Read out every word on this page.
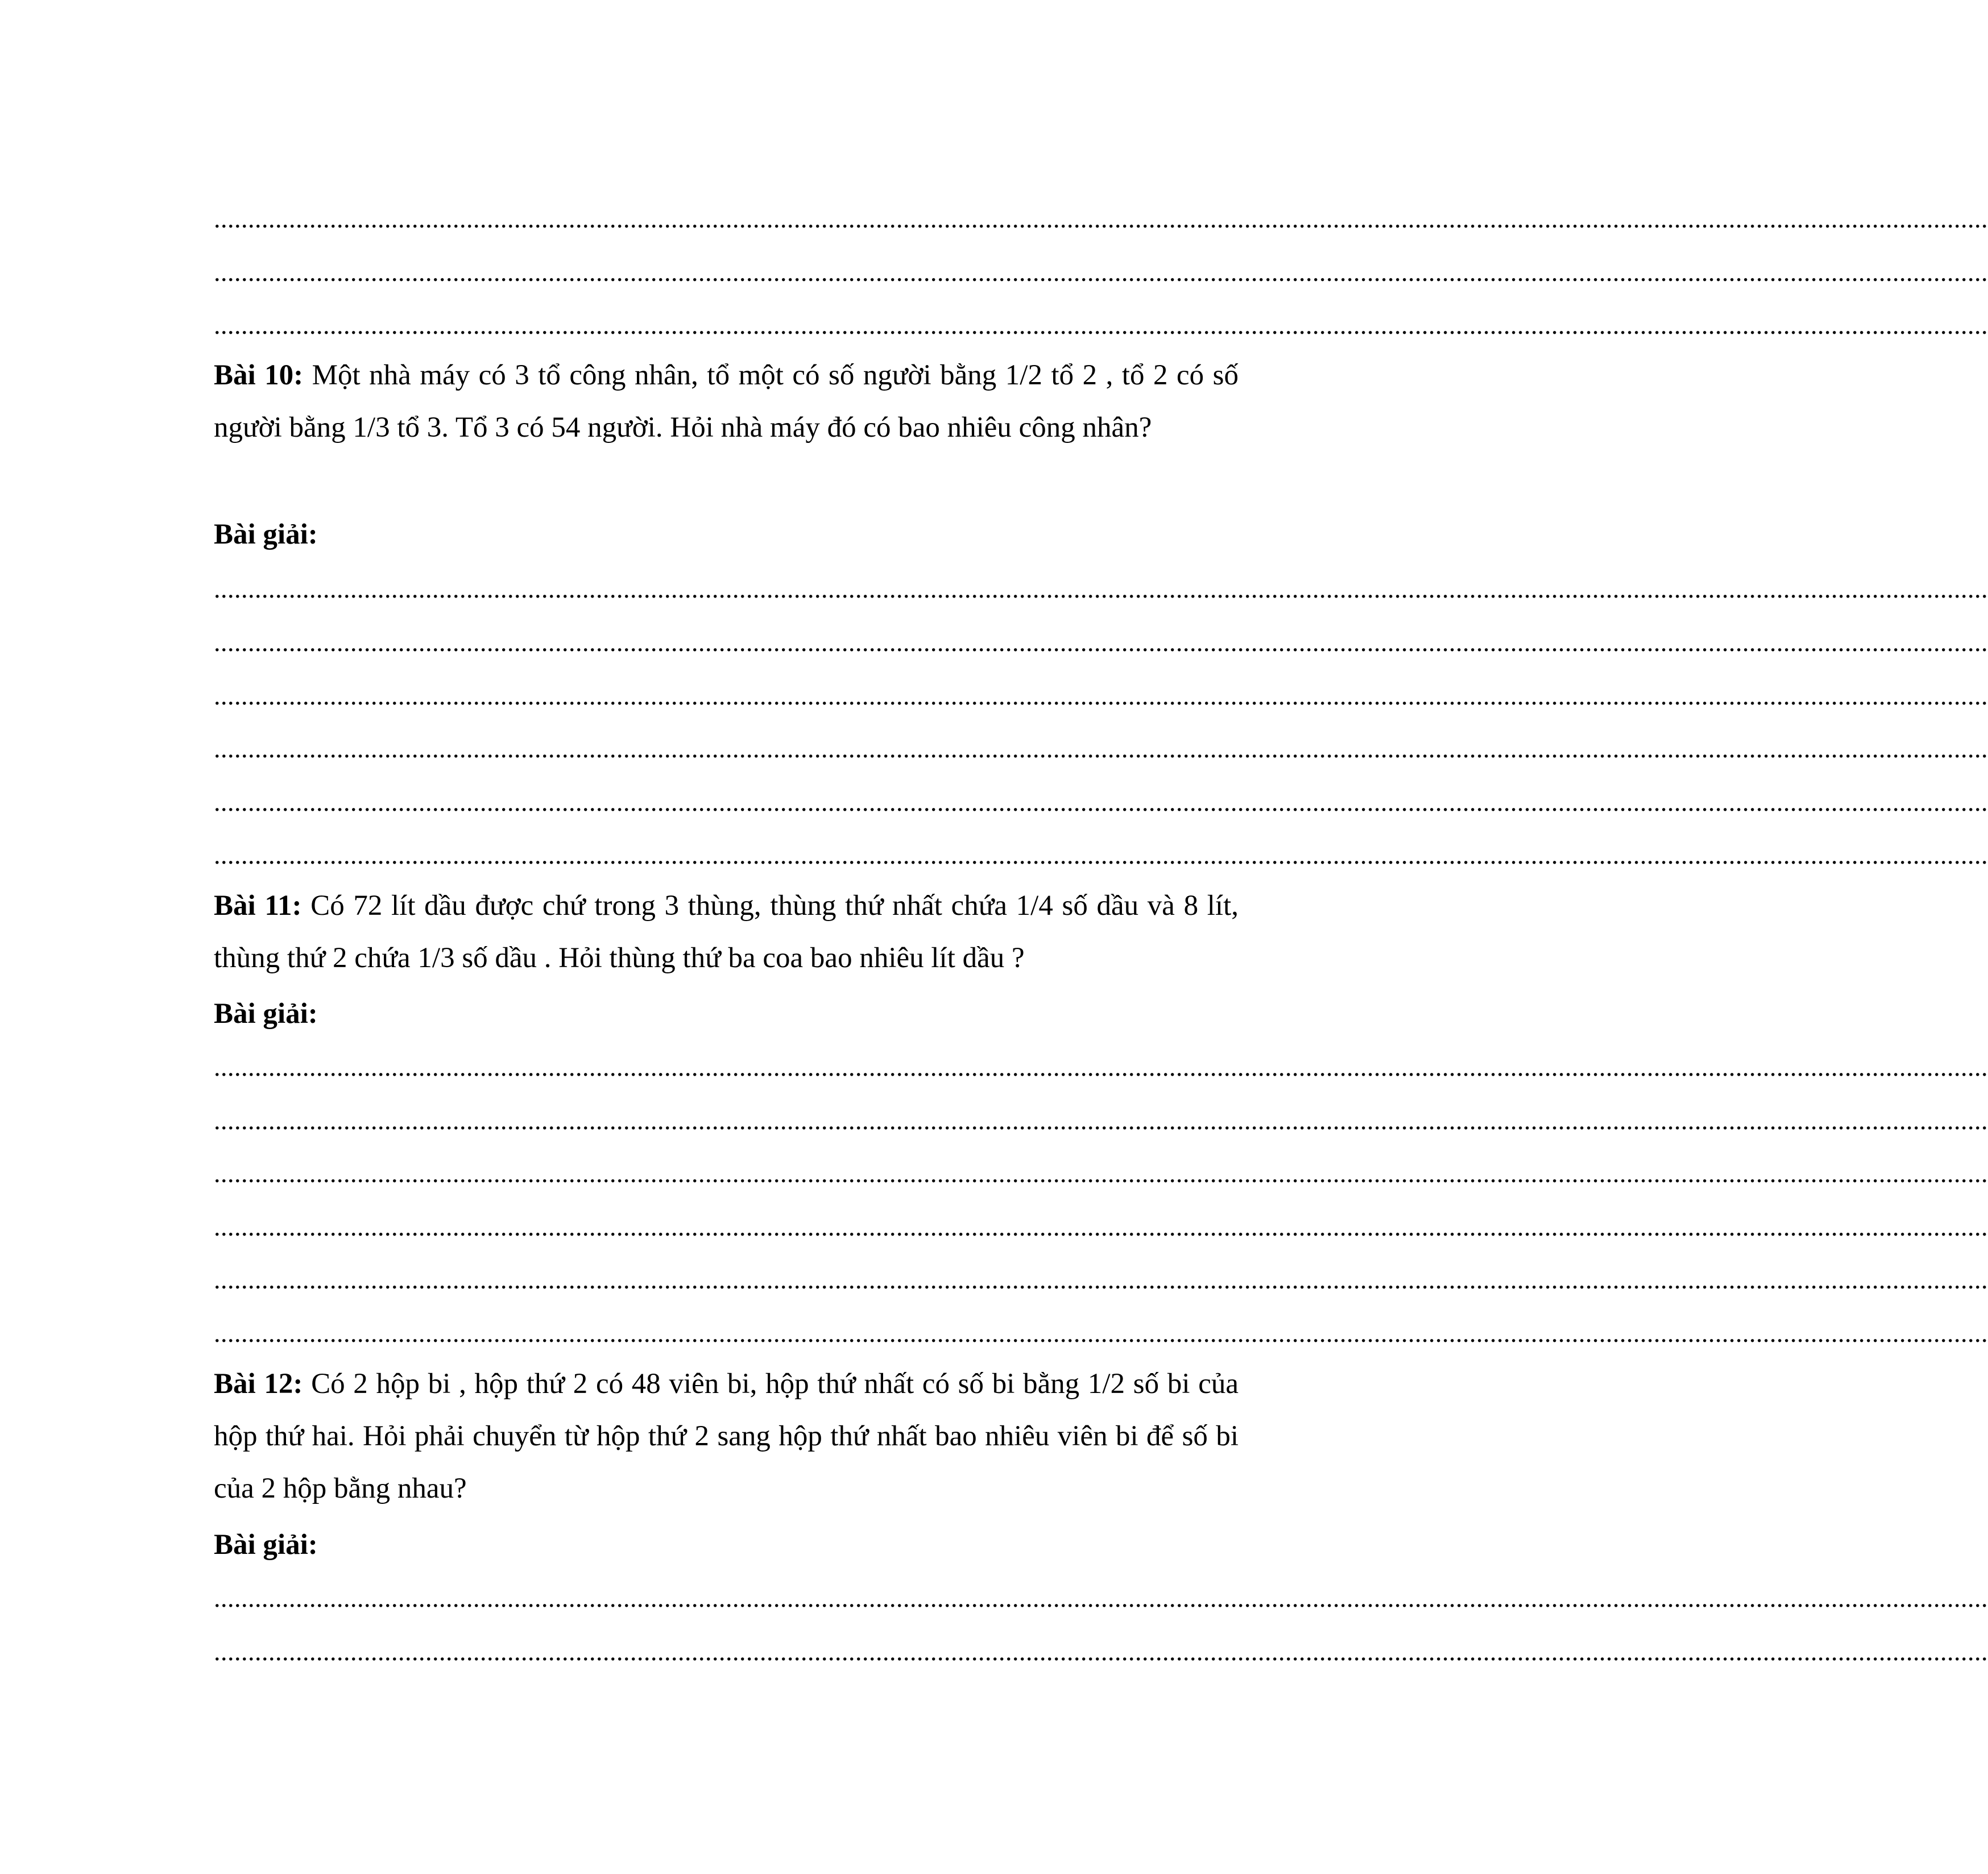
....................................................................................................................................................................................................................................................................
....................................................................................................................................................................................................................................................................
....................................................................................................................................................................................................................................................................

Bài 10: Một nhà máy có 3 tổ công nhân, tổ một có số người bằng 1/2 tổ 2 , tổ 2 có số người bằng 1/3 tổ 3. Tổ 3 có 54 người. Hỏi nhà máy đó có bao nhiêu công nhân?

Bài giải:
....................................................................................................................................................................................................................................................................
....................................................................................................................................................................................................................................................................
....................................................................................................................................................................................................................................................................
....................................................................................................................................................................................................................................................................
....................................................................................................................................................................................................................................................................
....................................................................................................................................................................................................................................................................

Bài 11: Có 72 lít dầu được chứ trong 3 thùng, thùng thứ nhất chứa 1/4 số dầu và 8 lít, thùng thứ 2 chứa 1/3 số dầu . Hỏi thùng thứ ba coa bao nhiêu lít dầu ?

Bài giải:
....................................................................................................................................................................................................................................................................
....................................................................................................................................................................................................................................................................
....................................................................................................................................................................................................................................................................
....................................................................................................................................................................................................................................................................
....................................................................................................................................................................................................................................................................
....................................................................................................................................................................................................................................................................

Bài 12: Có 2 hộp bi , hộp thứ 2 có 48 viên bi, hộp thứ nhất có số bi bằng 1/2 số bi của hộp thứ hai. Hỏi phải chuyển từ hộp thứ 2 sang hộp thứ nhất bao nhiêu viên bi để số bi của 2 hộp bằng nhau?

Bài giải:
....................................................................................................................................................................................................................................................................
....................................................................................................................................................................................................................................................................
